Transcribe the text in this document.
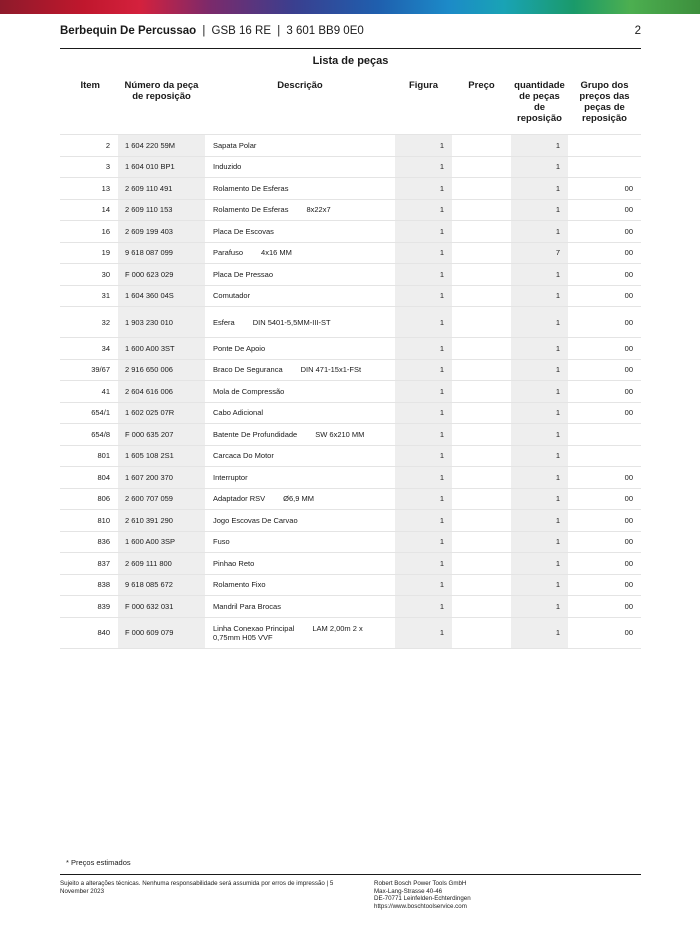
Berbequin De Percussao | GSB 16 RE | 3 601 BB9 0E0	2
Lista de peças
Item	Número da peça de reposição	Descrição	Figura	Preço	quantidade de peças de reposição	Grupo dos preços das peças de reposição
2	1 604 220 59M	Sapata Polar	1		1	
3	1 604 010 BP1	Induzido	1		1	
13	2 609 110 491	Rolamento De Esferas	1		1	00
14	2 609 110 153	Rolamento De Esferas 8x22x7	1		1	00
16	2 609 199 403	Placa De Escovas	1		1	00
19	9 618 087 099	Parafuso 4x16 MM	1		7	00
30	F 000 623 029	Placa De Pressao	1		1	00
31	1 604 360 04S	Comutador	1		1	00
32	1 903 230 010	Esfera DIN 5401-5,5MM-III-ST	1		1	00
34	1 600 A00 3ST	Ponte De Apoio	1		1	00
39/67	2 916 650 006	Braco De Seguranca DIN 471-15x1-FSt	1		1	00
41	2 604 616 006	Mola de Compressão	1		1	00
654/1	1 602 025 07R	Cabo Adicional	1		1	00
654/8	F 000 635 207	Batente De Profundidade SW 6x210 MM	1		1	
801	1 605 108 2S1	Carcaca Do Motor	1		1	
804	1 607 200 370	Interruptor	1		1	00
806	2 600 707 059	Adaptador RSV Ø6,9 MM	1		1	00
810	2 610 391 290	Jogo Escovas De Carvao	1		1	00
836	1 600 A00 3SP	Fuso	1		1	00
837	2 609 111 800	Pinhao Reto	1		1	00
838	9 618 085 672	Rolamento Fixo	1		1	00
839	F 000 632 031	Mandril Para Brocas	1		1	00
840	F 000 609 079	Linha Conexao Principal LAM 2,00m 2 x 0,75mm H05 VVF	1		1	00
* Preços estimados
Sujeito a alterações técnicas. Nenhuma responsabilidade será assumida por erros de impressão | 5 November 2023
Robert Bosch Power Tools GmbH
Max-Lang-Strasse 40-46
DE-70771 Leinfelden-Echterdingen
https://www.boschtoolservice.com
